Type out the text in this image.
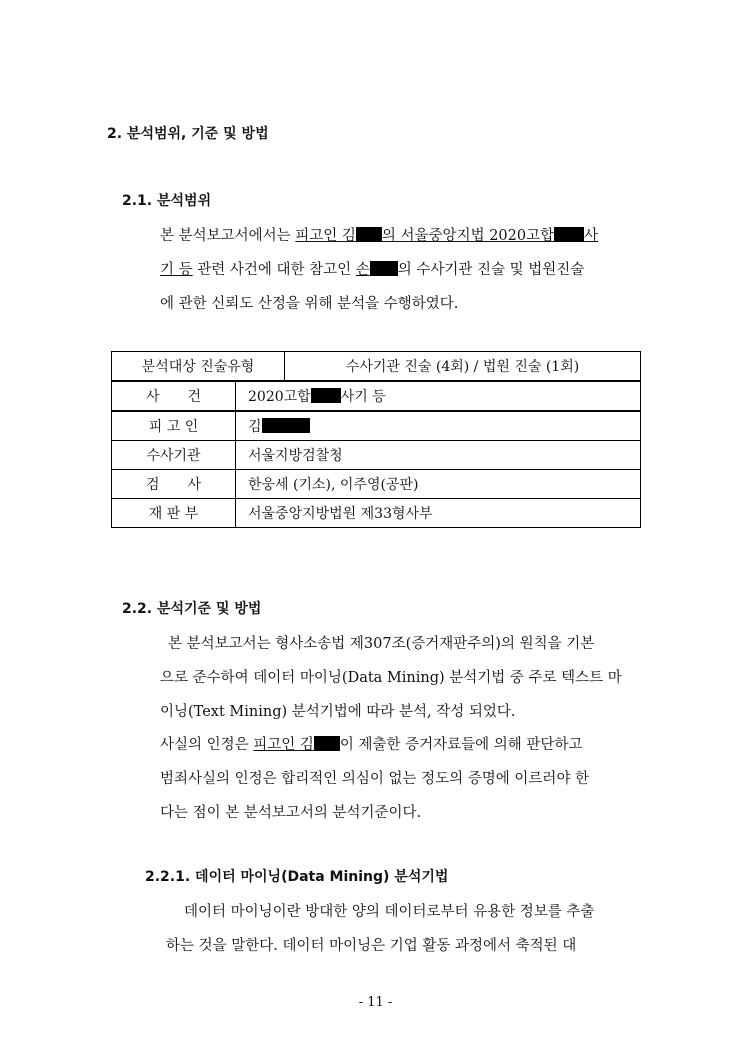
2. 분석범위, 기준 및 방법
2.1. 분석범위
본 분석보고서에서는 피고인 김 의 서울중앙지법 2020고합 사
기 등 관련 사건에 대한 참고인 손 의 수사기관 진술 및 법원진술
에 관한 신뢰도 산정을 위해 분석을 수행하였다.
분석대상 진술유형	수사기관 진술 (4회) / 법원 진술 (1회)
사　　건	2020고합 사기 등
피 고 인	김
수사기관	서울지방검찰청
검　　사	한웅세 (기소), 이주영(공판)
재 판 부	서울중앙지방법원 제33형사부
2.2. 분석기준 및 방법
본 분석보고서는 형사소송법 제307조(증거재판주의)의 원칙을 기본
으로 준수하여 데이터 마이닝(Data Mining) 분석기법 중 주로 텍스트 마
이닝(Text Mining) 분석기법에 따라 분석, 작성 되었다.
사실의 인정은 피고인 김 이 제출한 증거자료들에 의해 판단하고
범죄사실의 인정은 합리적인 의심이 없는 정도의 증명에 이르러야 한
다는 점이 본 분석보고서의 분석기준이다.
2.2.1. 데이터 마이닝(Data Mining) 분석기법
데이터 마이닝이란 방대한 양의 데이터로부터 유용한 정보를 추출
하는 것을 말한다. 데이터 마이닝은 기업 활동 과정에서 축적된 대
- 11 -
